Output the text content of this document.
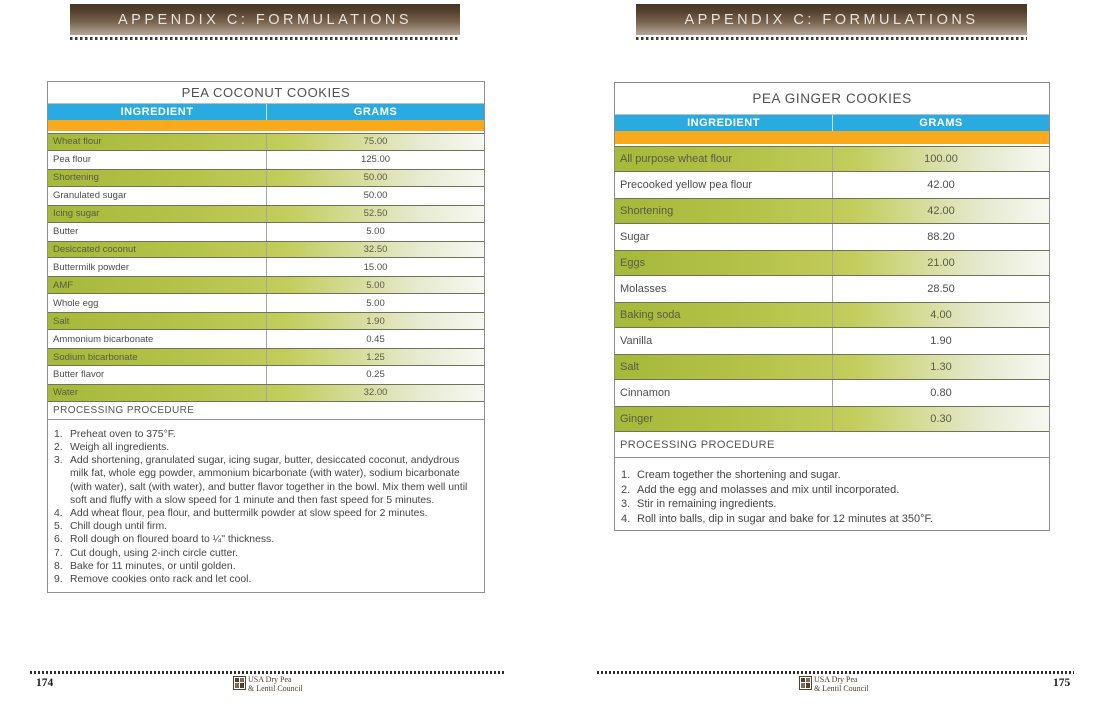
APPENDIX C: FORMULATIONS
PEA COCONUT COOKIES
INGREDIENT	GRAMS
Wheat flour	75.00
Pea flour	125.00
Shortening	50.00
Granulated sugar	50.00
Icing sugar	52.50
Butter	5.00
Desiccated coconut	32.50
Buttermilk powder	15.00
AMF	5.00
Whole egg	5.00
Salt	1.90
Ammonium bicarbonate	0.45
Sodium bicarbonate	1.25
Butter flavor	0.25
Water	32.00
PROCESSING PROCEDURE
1. Preheat oven to 375°F.
2. Weigh all ingredients.
3. Add shortening, granulated sugar, icing sugar, butter, desiccated coconut, andydrous milk fat, whole egg powder, ammonium bicarbonate (with water), sodium bicarbonate (with water), salt (with water), and butter flavor together in the bowl. Mix them well until soft and fluffy with a slow speed for 1 minute and then fast speed for 5 minutes.
4. Add wheat flour, pea flour, and buttermilk powder at slow speed for 2 minutes.
5. Chill dough until firm.
6. Roll dough on floured board to ¼" thickness.
7. Cut dough, using 2-inch circle cutter.
8. Bake for 11 minutes, or until golden.
9. Remove cookies onto rack and let cool.
174	USA Dry Pea
& Lentil Council
APPENDIX C: FORMULATIONS
PEA GINGER COOKIES
INGREDIENT	GRAMS
All purpose wheat flour	100.00
Precooked yellow pea flour	42.00
Shortening	42.00
Sugar	88.20
Eggs	21.00
Molasses	28.50
Baking soda	4.00
Vanilla	1.90
Salt	1.30
Cinnamon	0.80
Ginger	0.30
PROCESSING PROCEDURE
1. Cream together the shortening and sugar.
2. Add the egg and molasses and mix until incorporated.
3. Stir in remaining ingredients.
4. Roll into balls, dip in sugar and bake for 12 minutes at 350°F.
175
USA Dry Pea
& Lentil Council
